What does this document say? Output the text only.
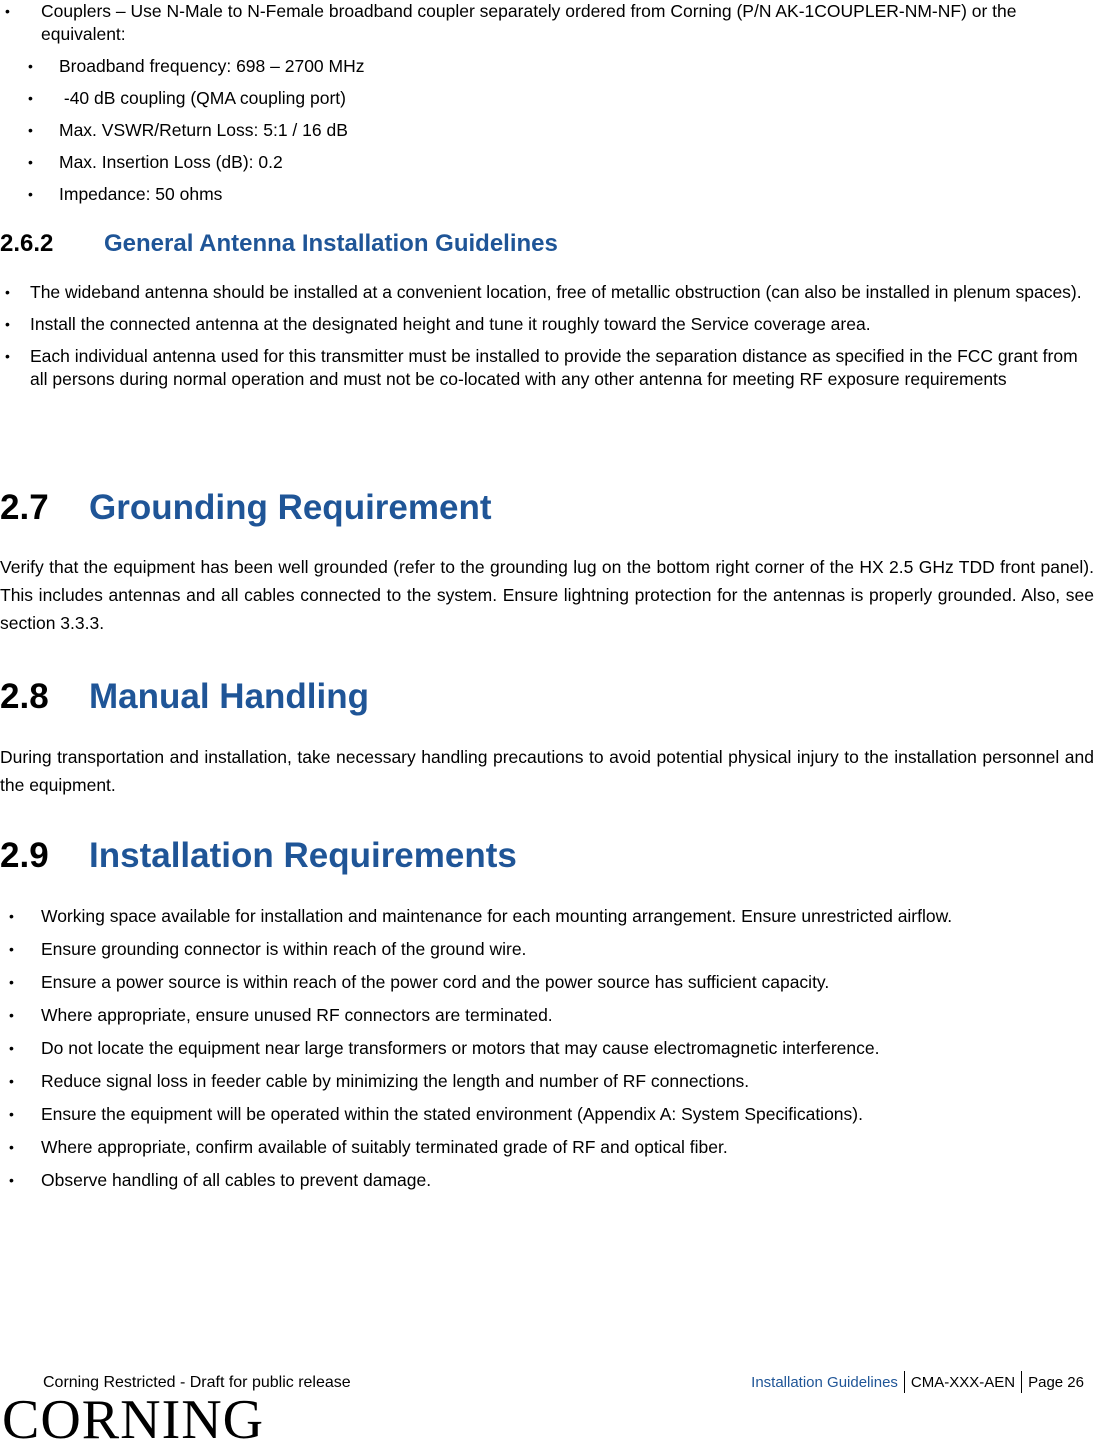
• Couplers – Use N-Male to N-Female broadband coupler separately ordered from Corning (P/N AK-1COUPLER-NM-NF) or the equivalent:
• Broadband frequency: 698 – 2700 MHz
• -40 dB coupling (QMA coupling port)
• Max. VSWR/Return Loss: 5:1 / 16 dB
• Max. Insertion Loss (dB): 0.2
• Impedance: 50 ohms
2.6.2 General Antenna Installation Guidelines
• The wideband antenna should be installed at a convenient location, free of metallic obstruction (can also be installed in plenum spaces).
• Install the connected antenna at the designated height and tune it roughly toward the Service coverage area.
• Each individual antenna used for this transmitter must be installed to provide the separation distance as specified in the FCC grant from all persons during normal operation and must not be co-located with any other antenna for meeting RF exposure requirements
2.7 Grounding Requirement
Verify that the equipment has been well grounded (refer to the grounding lug on the bottom right corner of the HX 2.5 GHz TDD front panel). This includes antennas and all cables connected to the system. Ensure lightning protection for the antennas is properly grounded. Also, see section 3.3.3.
2.8 Manual Handling
During transportation and installation, take necessary handling precautions to avoid potential physical injury to the installation personnel and the equipment.
2.9 Installation Requirements
• Working space available for installation and maintenance for each mounting arrangement. Ensure unrestricted airflow.
• Ensure grounding connector is within reach of the ground wire.
• Ensure a power source is within reach of the power cord and the power source has sufficient capacity.
• Where appropriate, ensure unused RF connectors are terminated.
• Do not locate the equipment near large transformers or motors that may cause electromagnetic interference.
• Reduce signal loss in feeder cable by minimizing the length and number of RF connections.
• Ensure the equipment will be operated within the stated environment (Appendix A: System Specifications).
• Where appropriate, confirm available of suitably terminated grade of RF and optical fiber.
• Observe handling of all cables to prevent damage.
Corning Restricted - Draft for public release	Installation Guidelines CMA-XXX-AEN Page 26
CORNING
